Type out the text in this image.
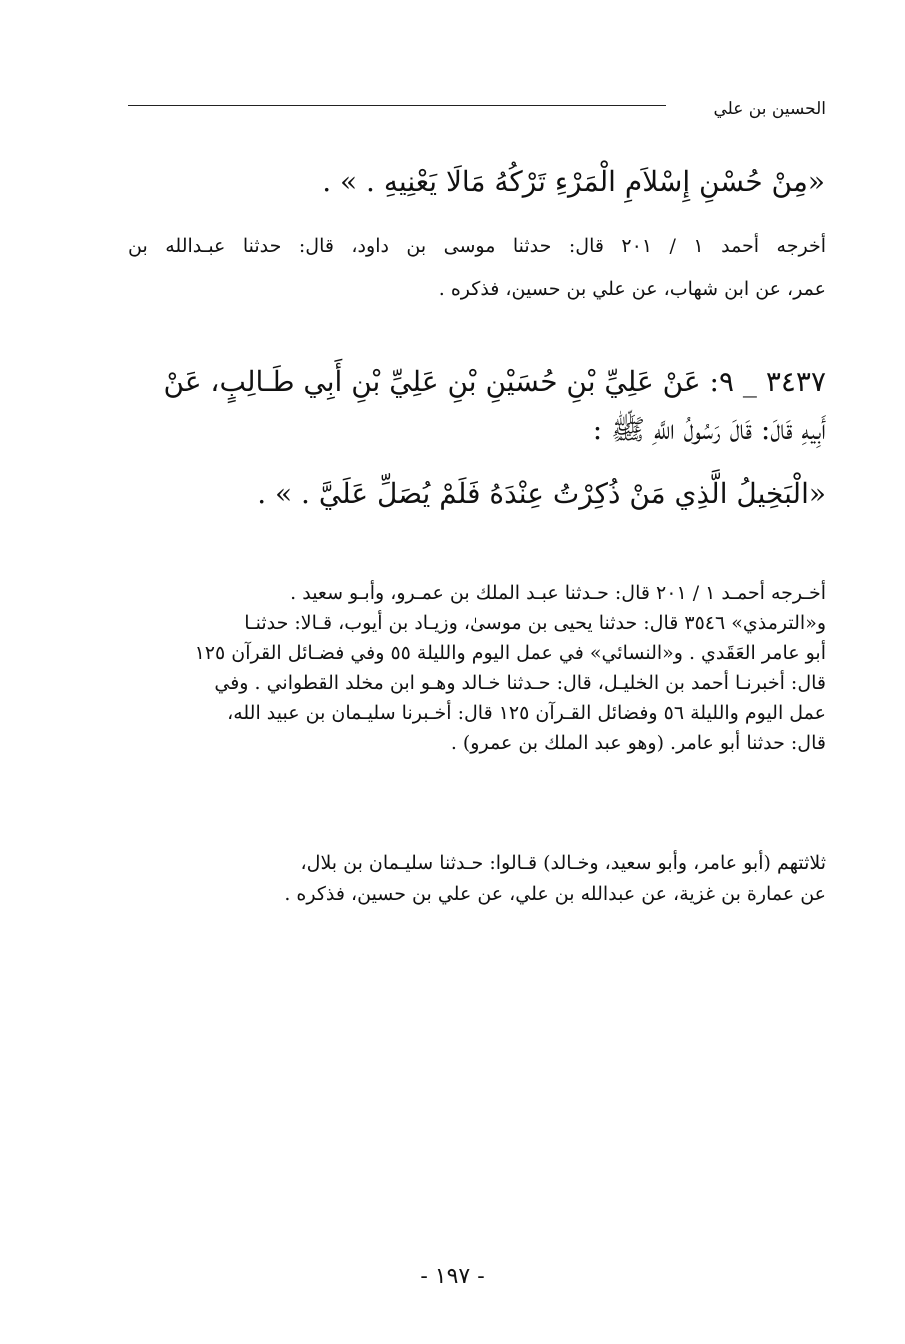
الحسين بن علي
«مِنْ حُسْنِ إِسْلاَمِ الْمَرْءِ تَرْكُهُ مَالَا يَعْنِيهِ . » .
أخرجه أحمد ١ / ٢٠١ قال: حدثنا موسى بن داود، قال: حدثنا عبـدالله بن
عمر، عن ابن شهاب، عن علي بن حسين، فذكره .
٣٤٣٧ _ ٩: عَنْ عَلِيِّ بْنِ حُسَيْنِ بْنِ عَلِيِّ بْنِ أَبِي طَـالِبٍ، عَنْ
أَبِيهِ قَالَ: قَالَ رَسُولُ اللَّهِ ﷺ :
«الْبَخِيلُ الَّذِي مَنْ ذُكِرْتُ عِنْدَهُ فَلَمْ يُصَلِّ عَلَيَّ . » .
أخـرجه أحمـد ١ / ٢٠١ قال: حـدثنا عبـد الملك بن عمـرو، وأبـو سعيد .
و«الترمذي» ٣٥٤٦ قال: حدثنا يحيى بن موسىٰ، وزيـاد بن أيوب، قـالا: حدثنـا
أبو عامر العَقَدي . و«النسائي» في عمل اليوم والليلة ٥٥ وفي فضـائل القرآن ١٢٥
قال: أخبرنـا أحمد بن الخليـل، قال: حـدثنا خـالد وهـو ابن مخلد القطواني . وفي
عمل اليوم والليلة ٥٦ وفضائل القـرآن ١٢٥ قال: أخـبرنا سليـمان بن عبيد الله،
قال: حدثنا أبو عامر. (وهو عبد الملك بن عمرو) .
ثلاثتهم (أبو عامر، وأبو سعيد، وخـالد) قـالوا: حـدثنا سليـمان بن بلال،
عن عمارة بن غزية، عن عبدالله بن علي، عن علي بن حسين، فذكره .
- ١٩٧ -
